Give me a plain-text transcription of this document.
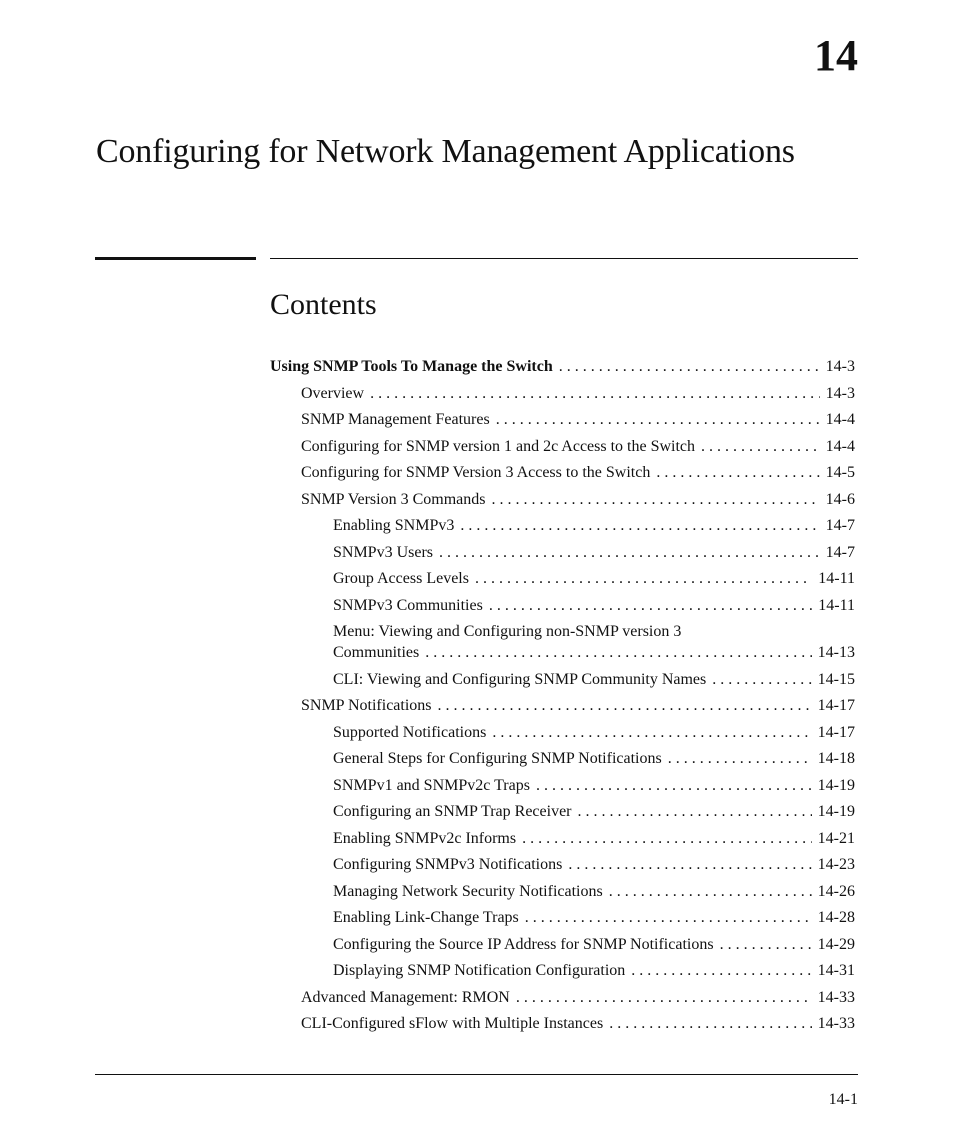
14
Configuring for Network Management Applications
Contents
Using SNMP Tools To Manage the Switch . . .	14-3
Overview . . .	14-3
SNMP Management Features . . .	14-4
Configuring for SNMP version 1 and 2c Access to the Switch . . .	14-4
Configuring for SNMP Version 3 Access to the Switch . . .	14-5
SNMP Version 3 Commands . . .	14-6
Enabling SNMPv3 . . .	14-7
SNMPv3 Users . . .	14-7
Group Access Levels . . .	14-11
SNMPv3 Communities . . .	14-11
Menu: Viewing and Configuring non-SNMP version 3
Communities . . .	14-13
CLI: Viewing and Configuring SNMP Community Names . . .	14-15
SNMP Notifications . . .	14-17
Supported Notifications . . .	14-17
General Steps for Configuring SNMP Notifications . . .	14-18
SNMPv1 and SNMPv2c Traps . . .	14-19
Configuring an SNMP Trap Receiver . . .	14-19
Enabling SNMPv2c Informs . . .	14-21
Configuring SNMPv3 Notifications . . .	14-23
Managing Network Security Notifications . . .	14-26
Enabling Link-Change Traps . . .	14-28
Configuring the Source IP Address for SNMP Notifications . . .	14-29
Displaying SNMP Notification Configuration . . .	14-31
Advanced Management: RMON . . .	14-33
CLI-Configured sFlow with Multiple Instances . . .	14-33
14-1
